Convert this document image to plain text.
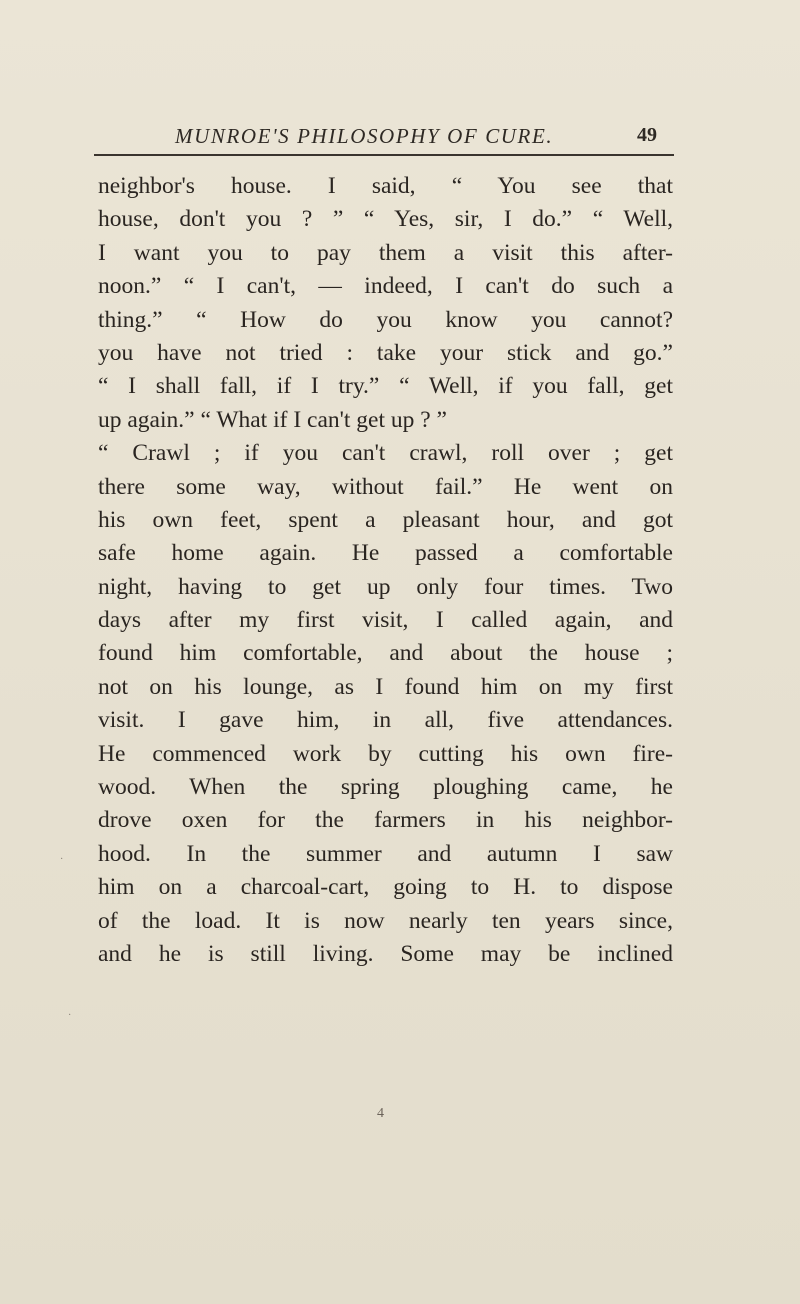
MUNROE'S PHILOSOPHY OF CURE.	49
neighbor's house. I said, “ You see that
house, don't you ? ” “ Yes, sir, I do.” “ Well,
I want you to pay them a visit this after-
noon.” “ I can't, — indeed, I can't do such a
thing.” “ How do you know you cannot?
you have not tried : take your stick and go.”
“ I shall fall, if I try.” “ Well, if you fall, get
up again.” “ What if I can't get up ? ”
“ Crawl ; if you can't crawl, roll over ; get
there some way, without fail.” He went on
his own feet, spent a pleasant hour, and got
safe home again. He passed a comfortable
night, having to get up only four times. Two
days after my first visit, I called again, and
found him comfortable, and about the house ;
not on his lounge, as I found him on my first
visit. I gave him, in all, five attendances.
He commenced work by cutting his own fire-
wood. When the spring ploughing came, he
drove oxen for the farmers in his neighbor-
hood. In the summer and autumn I saw
him on a charcoal-cart, going to H. to dispose
of the load. It is now nearly ten years since,
and he is still living. Some may be inclined
4
·
·
